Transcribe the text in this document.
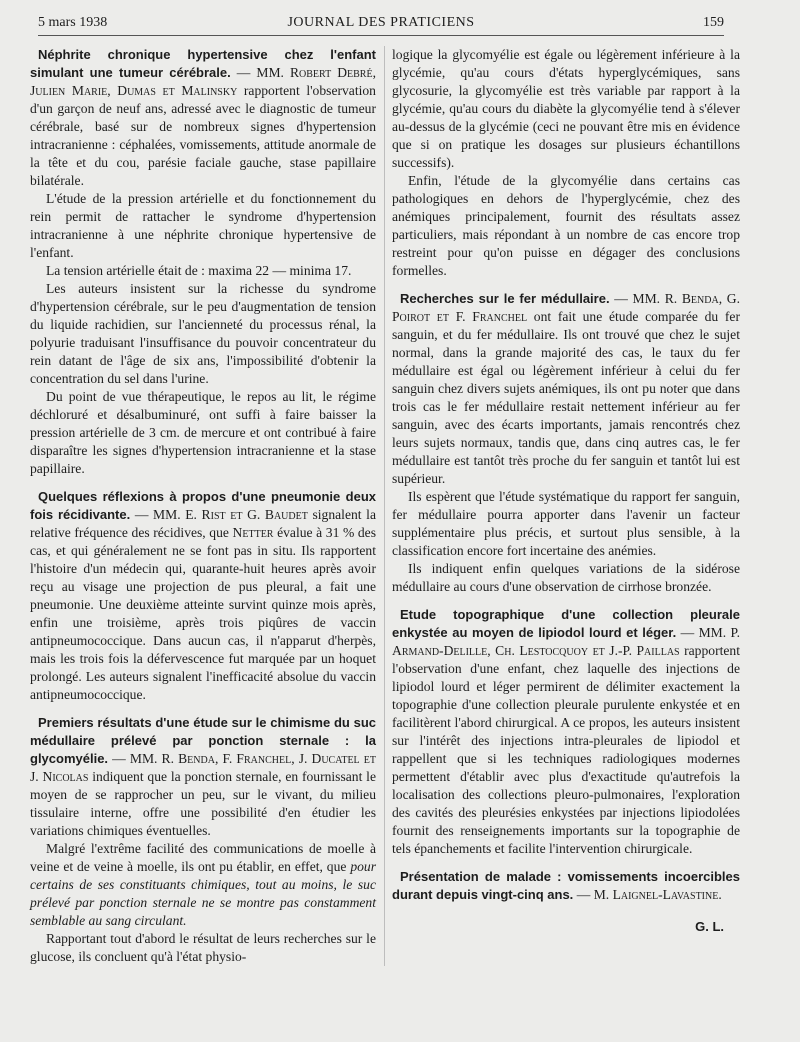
5 mars 1938	JOURNAL DES PRATICIENS	159

Néphrite chronique hypertensive chez l'enfant simulant une tumeur cérébrale. — MM. Robert Debré, Julien Marie, Dumas et Malinsky rapportent l'observation d'un garçon de neuf ans, adressé avec le diagnostic de tumeur cérébrale, basé sur de nombreux signes d'hypertension intracranienne : céphalées, vomissements, attitude anormale de la tête et du cou, parésie faciale gauche, stase papillaire bilatérale.

L'étude de la pression artérielle et du fonctionnement du rein permit de rattacher le syndrome d'hypertension intracranienne à une néphrite chronique hypertensive de l'enfant.

La tension artérielle était de : maxima 22 — minima 17.

Les auteurs insistent sur la richesse du syndrome d'hypertension cérébrale, sur le peu d'augmentation de tension du liquide rachidien, sur l'ancienneté du processus rénal, la polyurie traduisant l'insuffisance du pouvoir concentrateur du rein datant de l'âge de six ans, l'impossibilité d'obtenir la concentration du sel dans l'urine.

Du point de vue thérapeutique, le repos au lit, le régime déchloruré et désalbuminuré, ont suffi à faire baisser la pression artérielle de 3 cm. de mercure et ont contribué à faire disparaître les signes d'hypertension intracranienne et la stase papillaire.

Quelques réflexions à propos d'une pneumonie deux fois récidivante. — MM. E. Rist et G. Baudet signalent la relative fréquence des récidives, que Netter évalue à 31 % des cas, et qui généralement ne se font pas in situ. Ils rapportent l'histoire d'un médecin qui, quarante-huit heures après avoir reçu au visage une projection de pus pleural, a fait une pneumonie. Une deuxième atteinte survint quinze mois après, enfin une troisième, après trois piqûres de vaccin antipneumococcique. Dans aucun cas, il n'apparut d'herpès, mais les trois fois la défervescence fut marquée par un hoquet prolongé. Les auteurs signalent l'inefficacité absolue du vaccin antipneumococcique.

Premiers résultats d'une étude sur le chimisme du suc médullaire prélevé par ponction sternale : la glycomyélie. — MM. R. Benda, F. Franchel, J. Ducatel et J. Nicolas indiquent que la ponction sternale, en fournissant le moyen de se rapprocher un peu, sur le vivant, du milieu tissulaire interne, offre une possibilité d'en étudier les variations chimiques éventuelles.

Malgré l'extrême facilité des communications de moelle à veine et de veine à moelle, ils ont pu établir, en effet, que pour certains de ses constituants chimiques, tout au moins, le suc prélevé par ponction sternale ne se montre pas constamment semblable au sang circulant.

Rapportant tout d'abord le résultat de leurs recherches sur le glucose, ils concluent qu'à l'état physio-

logique la glycomyélie est égale ou légèrement inférieure à la glycémie, qu'au cours d'états hyperglycémiques, sans glycosurie, la glycomyélie est très variable par rapport à la glycémie, qu'au cours du diabète la glycomyélie tend à s'élever au-dessus de la glycémie (ceci ne pouvant être mis en évidence que si on pratique les dosages sur plusieurs échantillons successifs).

Enfin, l'étude de la glycomyélie dans certains cas pathologiques en dehors de l'hyperglycémie, chez des anémiques principalement, fournit des résultats assez particuliers, mais répondant à un nombre de cas encore trop restreint pour qu'on puisse en dégager des conclusions formelles.

Recherches sur le fer médullaire. — MM. R. Benda, G. Poirot et F. Franchel ont fait une étude comparée du fer sanguin, et du fer médullaire. Ils ont trouvé que chez le sujet normal, dans la grande majorité des cas, le taux du fer médullaire est égal ou légèrement inférieur à celui du fer sanguin chez divers sujets anémiques, ils ont pu noter que dans trois cas le fer médullaire restait nettement inférieur au fer sanguin, avec des écarts importants, jamais rencontrés chez leurs sujets normaux, tandis que, dans cinq autres cas, le fer médullaire est tantôt très proche du fer sanguin et tantôt lui est supérieur.

Ils espèrent que l'étude systématique du rapport fer sanguin, fer médullaire pourra apporter dans l'avenir un facteur supplémentaire plus précis, et surtout plus sensible, à la classification encore fort incertaine des anémies.

Ils indiquent enfin quelques variations de la sidérose médullaire au cours d'une observation de cirrhose bronzée.

Etude topographique d'une collection pleurale enkystée au moyen de lipiodol lourd et léger. — MM. P. Armand-Delille, Ch. Lestocquoy et J.-P. Paillas rapportent l'observation d'une enfant, chez laquelle des injections de lipiodol lourd et léger permirent de délimiter exactement la topographie d'une collection pleurale purulente enkystée et en facilitèrent l'abord chirurgical. A ce propos, les auteurs insistent sur l'intérêt des injections intra-pleurales de lipiodol et rappellent que si les techniques radiologiques modernes permettent d'établir avec plus d'exactitude qu'autrefois la localisation des collections pleuro-pulmonaires, l'exploration des cavités des pleurésies enkystées par injections lipiodolées fournit des renseignements importants sur la topographie de tels épanchements et facilite l'intervention chirurgicale.

Présentation de malade : vomissements incoercibles durant depuis vingt-cinq ans. — M. Laignel-Lavastine.

G. L.
